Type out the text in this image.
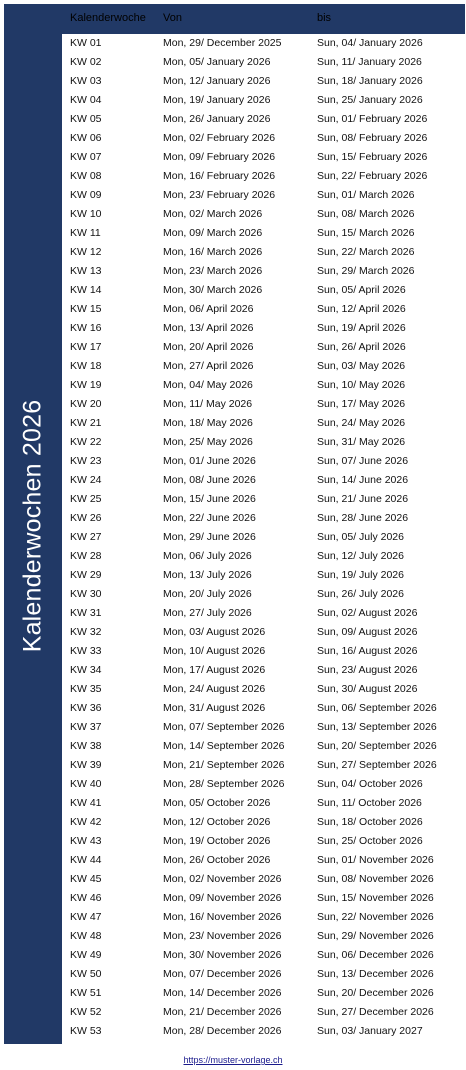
Kalenderwochen 2026
Kalenderwoche Von	bis
KW 01	Mon, 29/ December 2025	Sun, 04/ January 2026
KW 02	Mon, 05/ January 2026	Sun, 11/ January 2026
KW 03	Mon, 12/ January 2026	Sun, 18/ January 2026
KW 04	Mon, 19/ January 2026	Sun, 25/ January 2026
KW 05	Mon, 26/ January 2026	Sun, 01/ February 2026
KW 06	Mon, 02/ February 2026	Sun, 08/ February 2026
KW 07	Mon, 09/ February 2026	Sun, 15/ February 2026
KW 08	Mon, 16/ February 2026	Sun, 22/ February 2026
KW 09	Mon, 23/ February 2026	Sun, 01/ March 2026
KW 10	Mon, 02/ March 2026	Sun, 08/ March 2026
KW 11	Mon, 09/ March 2026	Sun, 15/ March 2026
KW 12	Mon, 16/ March 2026	Sun, 22/ March 2026
KW 13	Mon, 23/ March 2026	Sun, 29/ March 2026
KW 14	Mon, 30/ March 2026	Sun, 05/ April 2026
KW 15	Mon, 06/ April 2026	Sun, 12/ April 2026
KW 16	Mon, 13/ April 2026	Sun, 19/ April 2026
KW 17	Mon, 20/ April 2026	Sun, 26/ April 2026
KW 18	Mon, 27/ April 2026	Sun, 03/ May 2026
KW 19	Mon, 04/ May 2026	Sun, 10/ May 2026
KW 20	Mon, 11/ May 2026	Sun, 17/ May 2026
KW 21	Mon, 18/ May 2026	Sun, 24/ May 2026
KW 22	Mon, 25/ May 2026	Sun, 31/ May 2026
KW 23	Mon, 01/ June 2026	Sun, 07/ June 2026
KW 24	Mon, 08/ June 2026	Sun, 14/ June 2026
KW 25	Mon, 15/ June 2026	Sun, 21/ June 2026
KW 26	Mon, 22/ June 2026	Sun, 28/ June 2026
KW 27	Mon, 29/ June 2026	Sun, 05/ July 2026
KW 28	Mon, 06/ July 2026	Sun, 12/ July 2026
KW 29	Mon, 13/ July 2026	Sun, 19/ July 2026
KW 30	Mon, 20/ July 2026	Sun, 26/ July 2026
KW 31	Mon, 27/ July 2026	Sun, 02/ August 2026
KW 32	Mon, 03/ August 2026	Sun, 09/ August 2026
KW 33	Mon, 10/ August 2026	Sun, 16/ August 2026
KW 34	Mon, 17/ August 2026	Sun, 23/ August 2026
KW 35	Mon, 24/ August 2026	Sun, 30/ August 2026
KW 36	Mon, 31/ August 2026	Sun, 06/ September 2026
KW 37	Mon, 07/ September 2026	Sun, 13/ September 2026
KW 38	Mon, 14/ September 2026	Sun, 20/ September 2026
KW 39	Mon, 21/ September 2026	Sun, 27/ September 2026
KW 40	Mon, 28/ September 2026	Sun, 04/ October 2026
KW 41	Mon, 05/ October 2026	Sun, 11/ October 2026
KW 42	Mon, 12/ October 2026	Sun, 18/ October 2026
KW 43	Mon, 19/ October 2026	Sun, 25/ October 2026
KW 44	Mon, 26/ October 2026	Sun, 01/ November 2026
KW 45	Mon, 02/ November 2026	Sun, 08/ November 2026
KW 46	Mon, 09/ November 2026	Sun, 15/ November 2026
KW 47	Mon, 16/ November 2026	Sun, 22/ November 2026
KW 48	Mon, 23/ November 2026	Sun, 29/ November 2026
KW 49	Mon, 30/ November 2026	Sun, 06/ December 2026
KW 50	Mon, 07/ December 2026	Sun, 13/ December 2026
KW 51	Mon, 14/ December 2026	Sun, 20/ December 2026
KW 52	Mon, 21/ December 2026	Sun, 27/ December 2026
KW 53	Mon, 28/ December 2026	Sun, 03/ January 2027
https://muster-vorlage.ch
